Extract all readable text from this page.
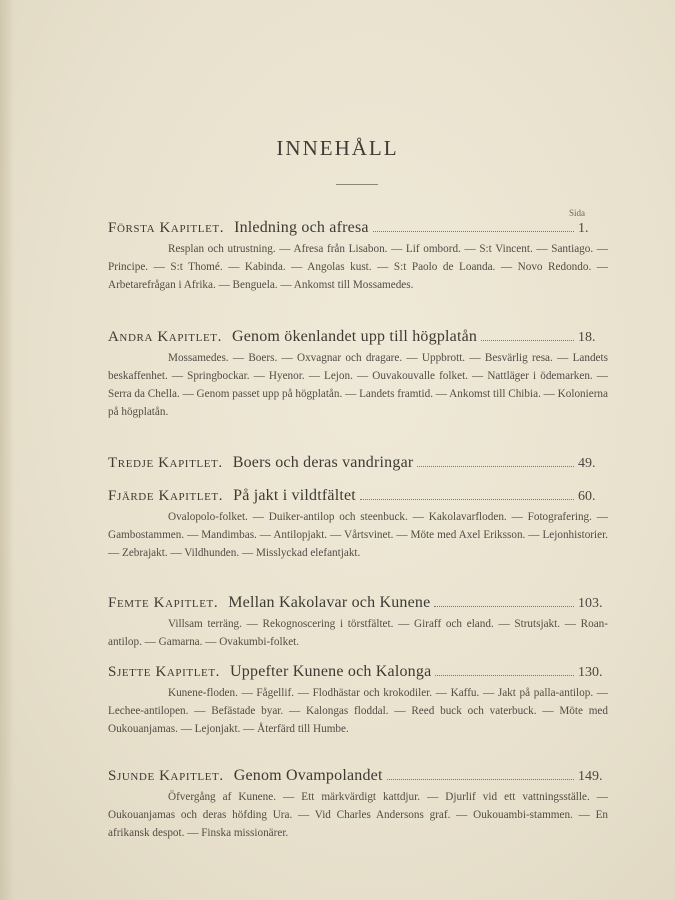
INNEHÅLL
Sida
Första Kapitlet. Inledning och afresa	1.

Resplan och utrustning. — Afresa från Lisabon. — Lif ombord. — S:t Vincent. — Santiago. — Principe. — S:t Thomé. — Kabinda. — Angolas kust. — S:t Paolo de Loanda. — Novo Redondo. — Arbetarefrågan i Afrika. — Benguela. — Ankomst till Mossamedes.

Andra Kapitlet. Genom ökenlandet upp till högplatån	18.

Mossamedes. — Boers. — Oxvagnar och dragare. — Uppbrott. — Besvärlig resa. — Landets beskaffenhet. — Springbockar. — Hyenor. — Lejon. — Ouvakouvalle folket. — Nattläger i ödemarken. — Serra da Chella. — Genom passet upp på högplatån. — Landets framtid. — Ankomst till Chibia. — Kolonierna på högplatån.

Tredje Kapitlet. Boers och deras vandringar	49.
Fjärde Kapitlet. På jakt i vildtfältet	60.

Ovalopolo-folket. — Duiker-antilop och steenbuck. — Kakolavarfloden. — Fotografering. — Gambostammen. — Mandimbas. — Antilopjakt. — Vårtsvinet. — Möte med Axel Eriksson. — Lejonhistorier. — Zebrajakt. — Vildhunden. — Misslyckad elefantjakt.

Femte Kapitlet. Mellan Kakolavar och Kunene	103.

Villsam terräng. — Rekognoscering i törstfältet. — Giraff och eland. — Strutsjakt. — Roan-antilop. — Gamarna. — Ovakumbi-folket.

Sjette Kapitlet. Uppefter Kunene och Kalonga	130.

Kunene-floden. — Fågellif. — Flodhästar och krokodiler. — Kaffu. — Jakt på palla-antilop. — Lechee-antilopen. — Befästade byar. — Kalongas floddal. — Reed buck och vaterbuck. — Möte med Oukouanjamas. — Lejonjakt. — Återfärd till Humbe.

Sjunde Kapitlet. Genom Ovampolandet	149.

Öfvergång af Kunene. — Ett märkvärdigt kattdjur. — Djurlif vid ett vattningsställe. — Oukouanjamas och deras höfding Ura. — Vid Charles Andersons graf. — Oukouambi-stammen. — En afrikansk despot. — Finska missionärer.
